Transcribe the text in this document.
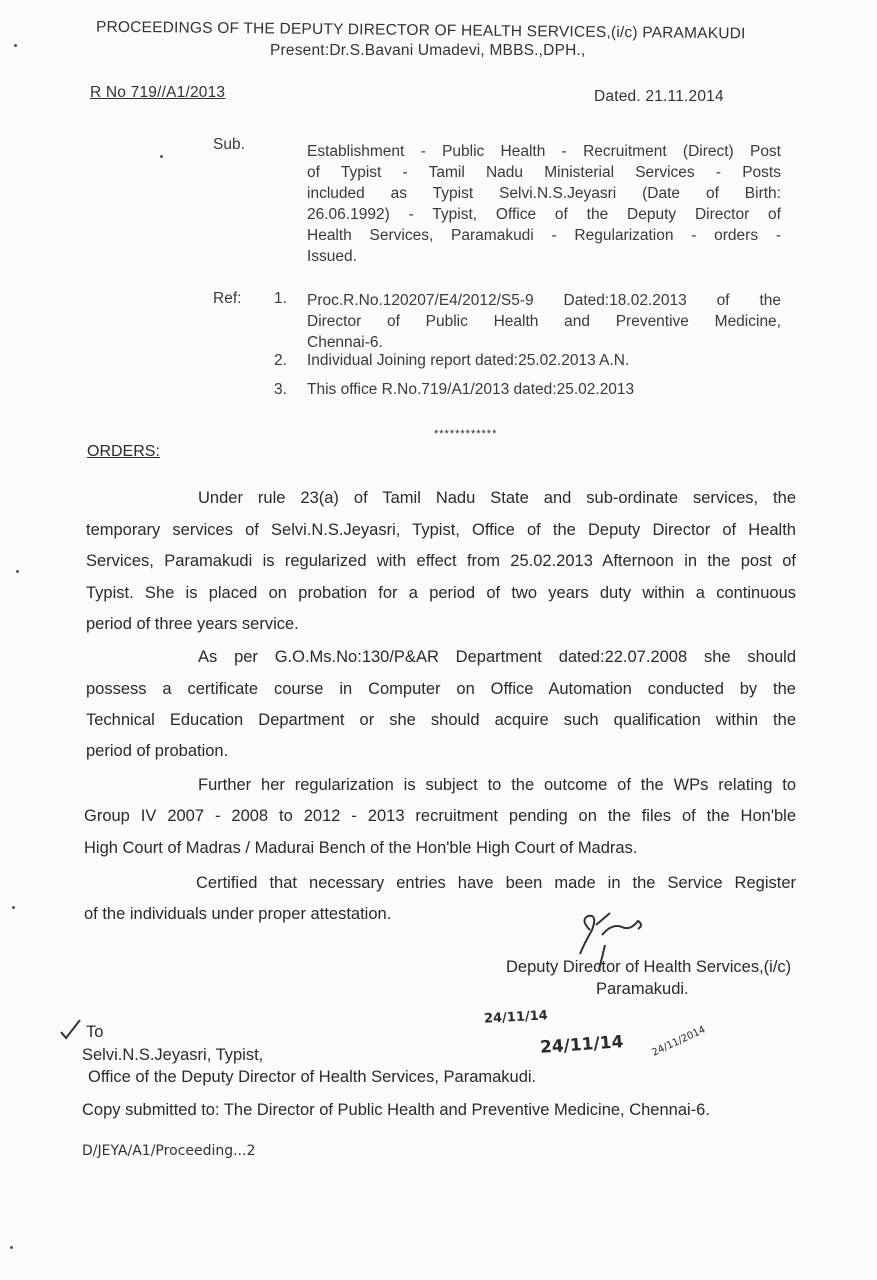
PROCEEDINGS OF THE DEPUTY DIRECTOR OF HEALTH SERVICES,(i/c) PARAMAKUDI
Present:Dr.S.Bavani Umadevi, MBBS.,DPH.,
R No 719//A1/2013	Dated. 21.11.2014
Sub.	Establishment - Public Health - Recruitment (Direct) Post
of Typist - Tamil Nadu Ministerial Services - Posts
included as Typist Selvi.N.S.Jeyasri (Date of Birth:
26.06.1992) - Typist, Office of the Deputy Director of
Health Services, Paramakudi - Regularization - orders -
Issued.
Ref: 1. Proc.R.No.120207/E4/2012/S5-9 Dated:18.02.2013 of the
Director of Public Health and Preventive Medicine,
Chennai-6.
2. Individual Joining report dated:25.02.2013 A.N.
3. This office R.No.719/A1/2013 dated:25.02.2013
************
ORDERS:
Under rule 23(a) of Tamil Nadu State and sub-ordinate services, the
temporary services of Selvi.N.S.Jeyasri, Typist, Office of the Deputy Director of Health
Services, Paramakudi is regularized with effect from 25.02.2013 Afternoon in the post of
Typist. She is placed on probation for a period of two years duty within a continuous
period of three years service.
As per G.O.Ms.No:130/P&AR Department dated:22.07.2008 she should
possess a certificate course in Computer on Office Automation conducted by the
Technical Education Department or she should acquire such qualification within the
period of probation.
Further her regularization is subject to the outcome of the WPs relating to
Group IV 2007 - 2008 to 2012 - 2013 recruitment pending on the files of the Hon'ble
High Court of Madras / Madurai Bench of the Hon'ble High Court of Madras.
Certified that necessary entries have been made in the Service Register
of the individuals under proper attestation.
Deputy Director of Health Services,(i/c)
Paramakudi.
24/11/14
24/11/14	24/11/2014
To
Selvi.N.S.Jeyasri, Typist,
Office of the Deputy Director of Health Services, Paramakudi.
Copy submitted to: The Director of Public Health and Preventive Medicine, Chennai-6.
D/JEYA/A1/Proceeding...2
